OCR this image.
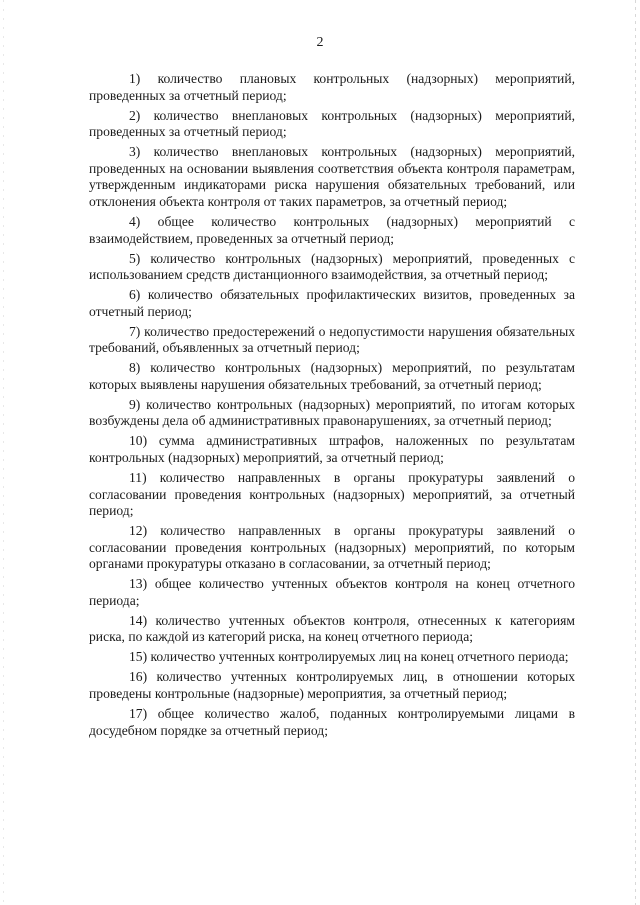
2

1) количество плановых контрольных (надзорных) мероприятий, проведенных за отчетный период;

2) количество внеплановых контрольных (надзорных) мероприятий, проведенных за отчетный период;

3) количество внеплановых контрольных (надзорных) мероприятий, проведенных на основании выявления соответствия объекта контроля параметрам, утвержденным индикаторами риска нарушения обязательных требований, или отклонения объекта контроля от таких параметров, за отчетный период;

4) общее количество контрольных (надзорных) мероприятий с взаимодействием, проведенных за отчетный период;

5) количество контрольных (надзорных) мероприятий, проведенных с использованием средств дистанционного взаимодействия, за отчетный период;

6) количество обязательных профилактических визитов, проведенных за отчетный период;

7) количество предостережений о недопустимости нарушения обязательных требований, объявленных за отчетный период;

8) количество контрольных (надзорных) мероприятий, по результатам которых выявлены нарушения обязательных требований, за отчетный период;

9) количество контрольных (надзорных) мероприятий, по итогам которых возбуждены дела об административных правонарушениях, за отчетный период;

10) сумма административных штрафов, наложенных по результатам контрольных (надзорных) мероприятий, за отчетный период;

11) количество направленных в органы прокуратуры заявлений о согласовании проведения контрольных (надзорных) мероприятий, за отчетный период;

12) количество направленных в органы прокуратуры заявлений о согласовании проведения контрольных (надзорных) мероприятий, по которым органами прокуратуры отказано в согласовании, за отчетный период;

13) общее количество учтенных объектов контроля на конец отчетного периода;

14) количество учтенных объектов контроля, отнесенных к категориям риска, по каждой из категорий риска, на конец отчетного периода;

15) количество учтенных контролируемых лиц на конец отчетного периода;

16) количество учтенных контролируемых лиц, в отношении которых проведены контрольные (надзорные) мероприятия, за отчетный период;

17) общее количество жалоб, поданных контролируемыми лицами в досудебном порядке за отчетный период;
